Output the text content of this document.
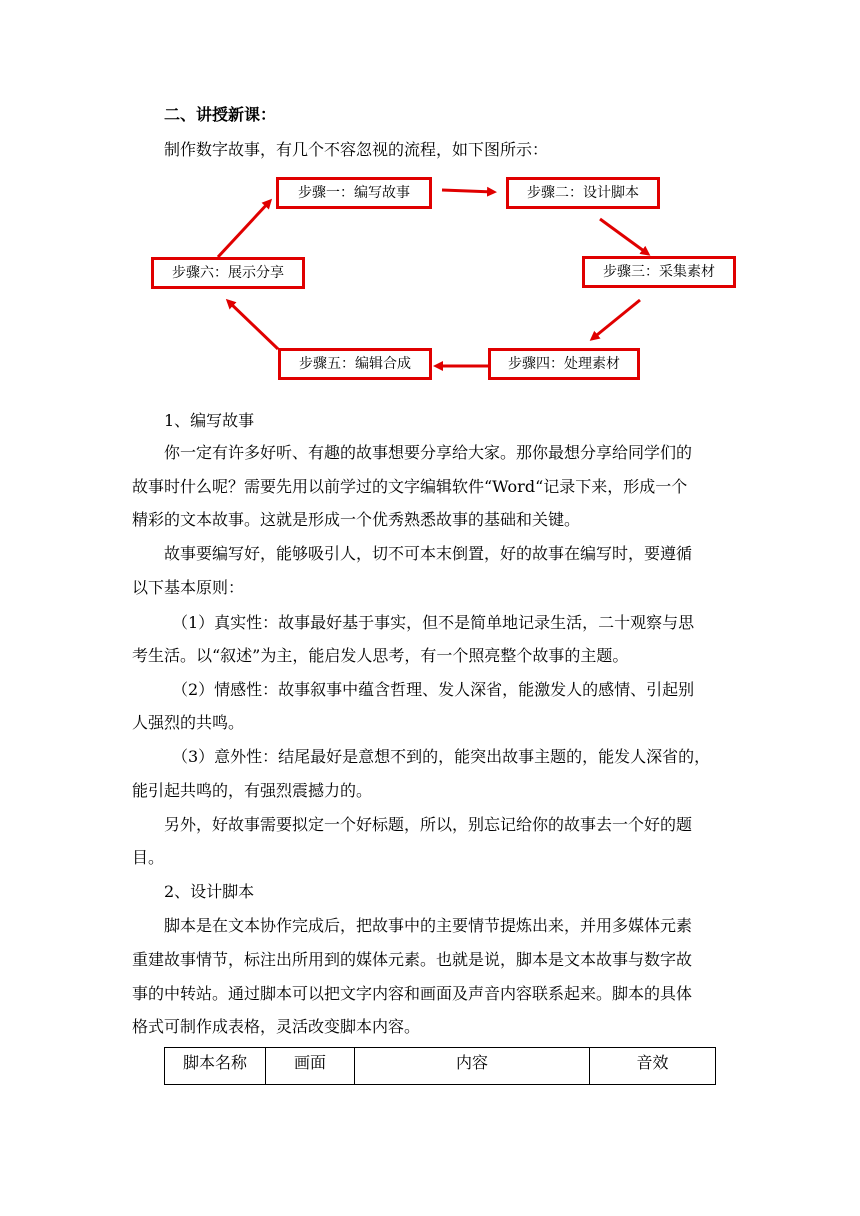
二、讲授新课：
制作数字故事，有几个不容忽视的流程，如下图所示：
步骤一：编写故事	步骤二：设计脚本
步骤三：采集素材
步骤四：处理素材
步骤五：编辑合成
步骤六：展示分享
1、编写故事
你一定有许多好听、有趣的故事想要分享给大家。那你最想分享给同学们的
故事时什么呢？需要先用以前学过的文字编辑软件“Word“记录下来，形成一个
精彩的文本故事。这就是形成一个优秀熟悉故事的基础和关键。
故事要编写好，能够吸引人，切不可本末倒置，好的故事在编写时，要遵循
以下基本原则：
（1）真实性：故事最好基于事实，但不是简单地记录生活，二十观察与思
考生活。以“叙述”为主，能启发人思考，有一个照亮整个故事的主题。
（2）情感性：故事叙事中蕴含哲理、发人深省，能激发人的感情、引起别
人强烈的共鸣。
（3）意外性：结尾最好是意想不到的，能突出故事主题的，能发人深省的，
能引起共鸣的，有强烈震撼力的。
另外，好故事需要拟定一个好标题，所以，别忘记给你的故事去一个好的题
目。
2、设计脚本
脚本是在文本协作完成后，把故事中的主要情节提炼出来，并用多媒体元素
重建故事情节，标注出所用到的媒体元素。也就是说，脚本是文本故事与数字故
事的中转站。通过脚本可以把文字内容和画面及声音内容联系起来。脚本的具体
格式可制作成表格，灵活改变脚本内容。
脚本名称	画面	内容	音效
